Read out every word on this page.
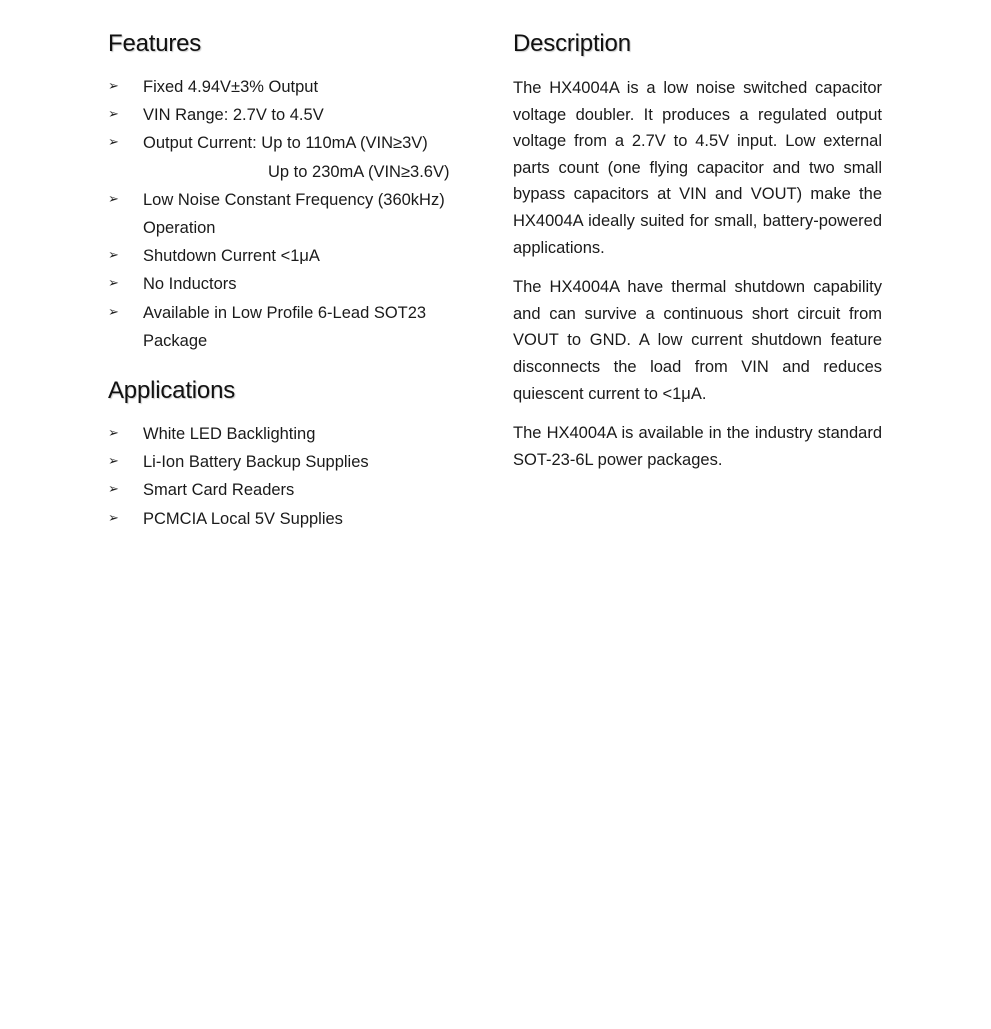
Features
➢ Fixed 4.94V±3% Output
➢ VIN Range: 2.7V to 4.5V
➢ Output Current: Up to 110mA (VIN≥3V)
Up to 230mA (VIN≥3.6V)
➢ Low Noise Constant Frequency (360kHz) Operation
➢ Shutdown Current <1μA
➢ No Inductors
➢ Available in Low Profile 6-Lead SOT23 Package
Applications
➢ White LED Backlighting
➢ Li-Ion Battery Backup Supplies
➢ Smart Card Readers
➢ PCMCIA Local 5V Supplies
Description

The HX4004A is a low noise switched capacitor voltage doubler. It produces a regulated output voltage from a 2.7V to 4.5V input. Low external parts count (one flying capacitor and two small bypass capacitors at VIN and VOUT) make the HX4004A ideally suited for small, battery-powered applications.

The HX4004A have thermal shutdown capability and can survive a continuous short circuit from VOUT to GND. A low current shutdown feature disconnects the load from VIN and reduces quiescent current to <1μA.

The HX4004A is available in the industry standard SOT-23-6L power packages.
